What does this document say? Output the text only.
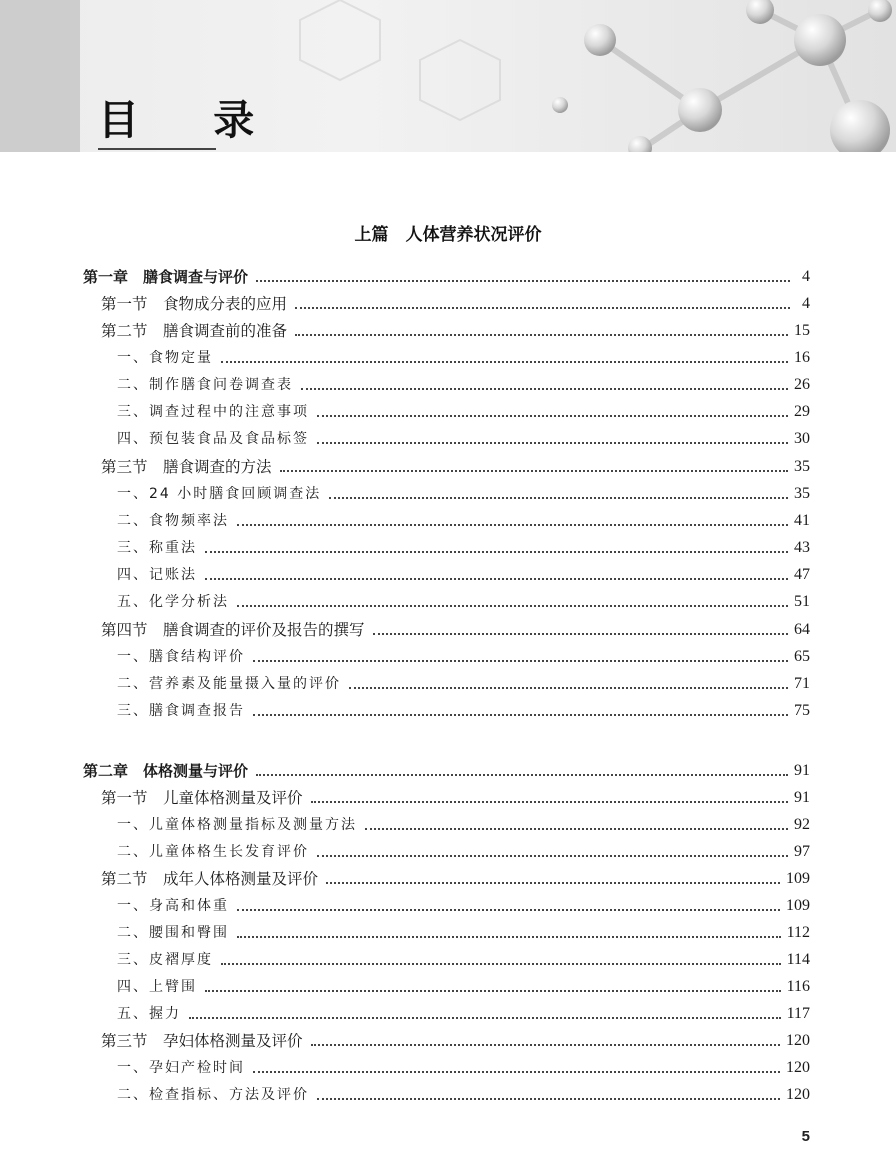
目 录
上篇　人体营养状况评价
第一章　膳食调查与评价	4
第一节　食物成分表的应用	4
第二节　膳食调查前的准备	15
一、食物定量	16
二、制作膳食问卷调查表	26
三、调查过程中的注意事项	29
四、预包装食品及食品标签	30
第三节　膳食调查的方法	35
一、24 小时膳食回顾调查法	35
二、食物频率法	41
三、称重法	43
四、记账法	47
五、化学分析法	51
第四节　膳食调查的评价及报告的撰写	64
一、膳食结构评价	65
二、营养素及能量摄入量的评价	71
三、膳食调查报告	75
第二章　体格测量与评价	91
第一节　儿童体格测量及评价	91
一、儿童体格测量指标及测量方法	92
二、儿童体格生长发育评价	97
第二节　成年人体格测量及评价	109
一、身高和体重	109
二、腰围和臀围	112
三、皮褶厚度	114
四、上臂围	116
五、握力	117
第三节　孕妇体格测量及评价	120
一、孕妇产检时间	120
二、检查指标、方法及评价	120
5
